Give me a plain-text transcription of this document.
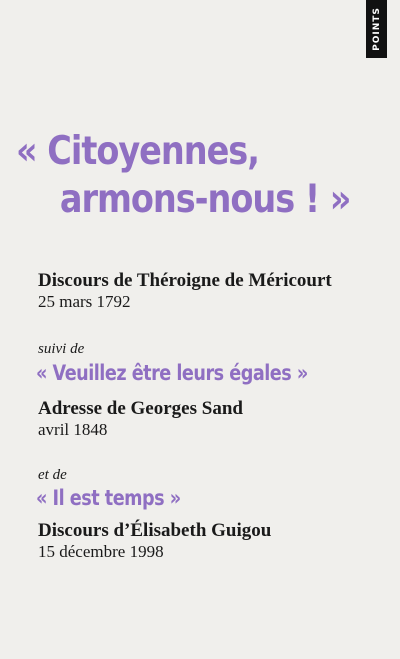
POINTS
« Citoyennes,
armons-nous ! »
Discours de Théroigne de Méricourt
25 mars 1792
suivi de
« Veuillez être leurs égales »
Adresse de Georges Sand
avril 1848
et de
« Il est temps »
Discours d’Élisabeth Guigou
15 décembre 1998
